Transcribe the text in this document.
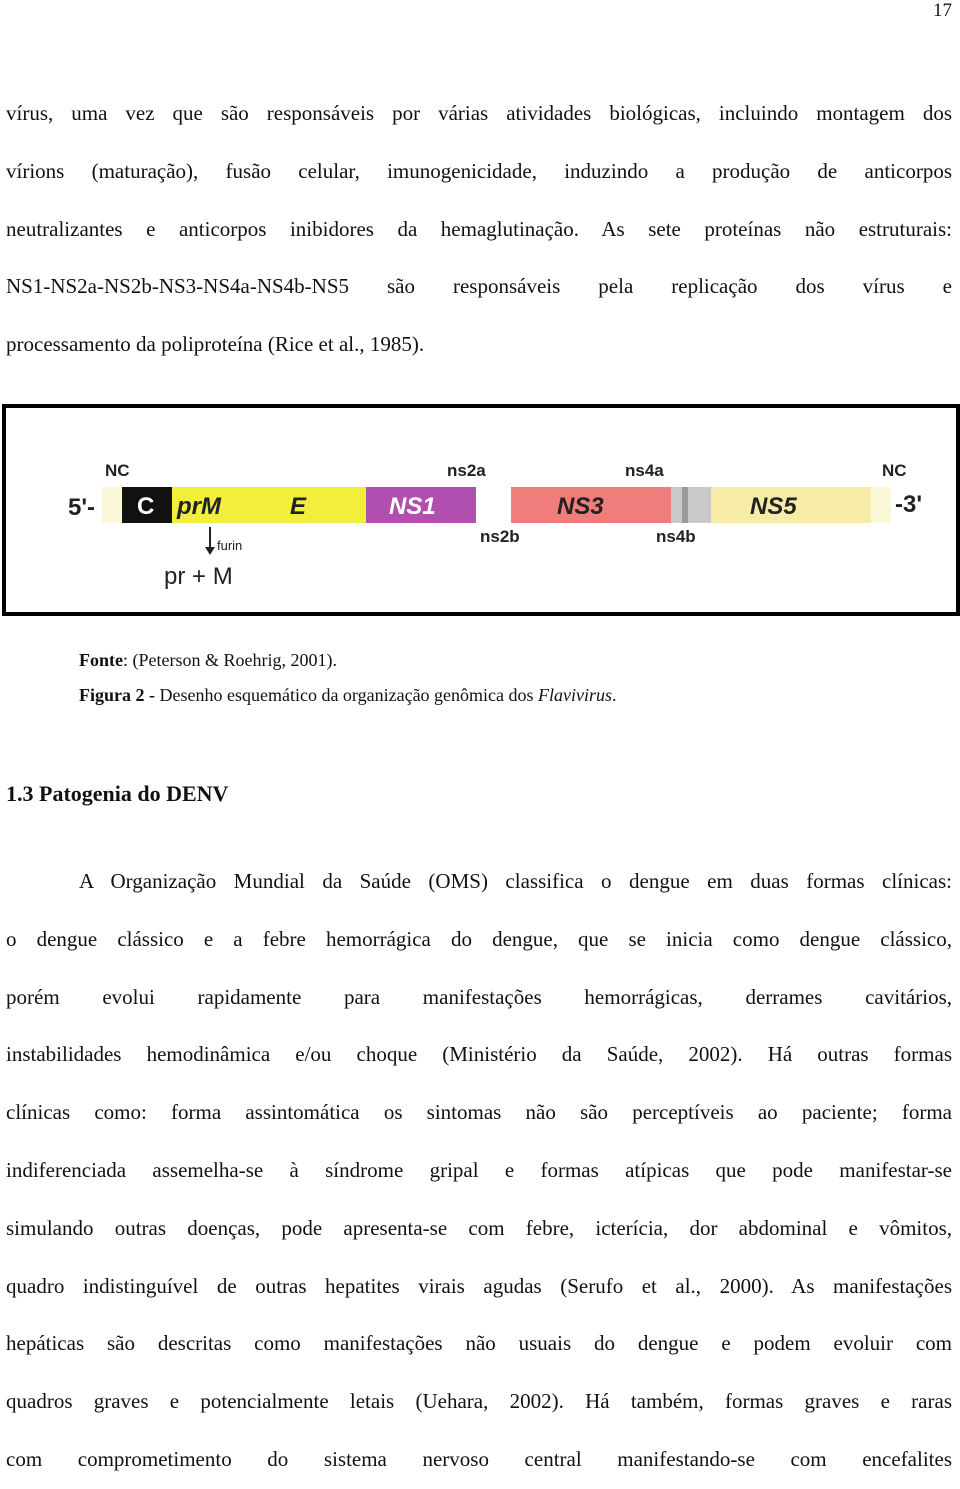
17
vírus, uma vez que são responsáveis por várias atividades biológicas, incluindo montagem dos
vírions (maturação), fusão celular, imunogenicidade, induzindo a produção de anticorpos
neutralizantes e anticorpos inibidores da hemaglutinação. As sete proteínas não estruturais:
NS1-NS2a-NS2b-NS3-NS4a-NS4b-NS5 são responsáveis pela replicação dos vírus e
processamento da poliproteína (Rice et al., 1985).
NC	NC
5'-	-3'
ns2a	ns4a
ns2b	ns4b
C prM	E	NS1	NS3	NS5
furin
pr + M
Fonte: (Peterson & Roehrig, 2001).
Figura 2 - Desenho esquemático da organização genômica dos Flavivirus.
1.3 Patogenia do DENV
A Organização Mundial da Saúde (OMS) classifica o dengue em duas formas clínicas:
o dengue clássico e a febre hemorrágica do dengue, que se inicia como dengue clássico,
porém evolui rapidamente para manifestações hemorrágicas, derrames cavitários,
instabilidades hemodinâmica e/ou choque (Ministério da Saúde, 2002). Há outras formas
clínicas como: forma assintomática os sintomas não são perceptíveis ao paciente; forma
indiferenciada assemelha-se à síndrome gripal e formas atípicas que pode manifestar-se
simulando outras doenças, pode apresenta-se com febre, icterícia, dor abdominal e vômitos,
quadro indistinguível de outras hepatites virais agudas (Serufo et al., 2000). As manifestações
hepáticas são descritas como manifestações não usuais do dengue e podem evoluir com
quadros graves e potencialmente letais (Uehara, 2002). Há também, formas graves e raras
com comprometimento do sistema nervoso central manifestando-se com encefalites
